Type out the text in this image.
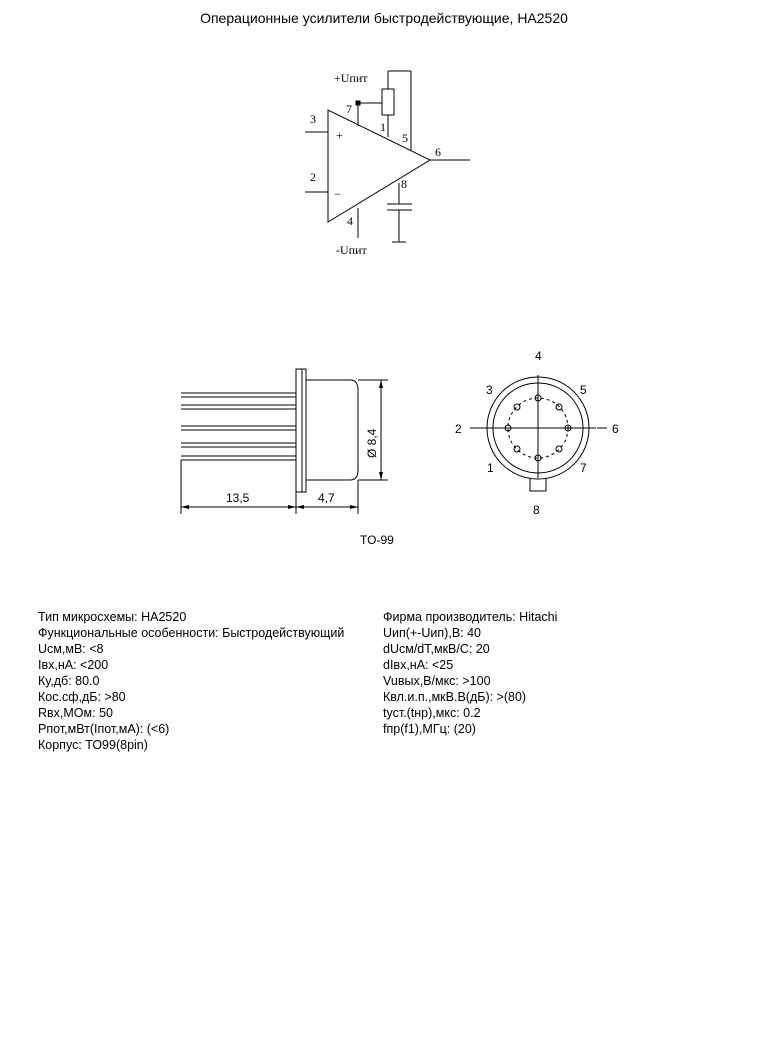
Операционные усилители быстродействующие, HA2520
+Uпит
-Uпит
+
−
3
2
7
1
5
6
8
4
13,5	4,7
Ø 8,4
TO-99
4
3	5
2	6
1	7
8
Тип микросхемы: HA2520
Функциональные особенности: Быстродействующий
Uсм,мВ: <8
Iвх,нА: <200
Ку,дб: 80.0
Кос.сф,дБ: >80
Rвх,МОм: 50
Рпот,мВт(Iпот,мА): (<6)
Корпус: ТО99(8pin)
Фирма производитель: Hitachi
Uип(+-Uип),В: 40
dUсм/dT,мкВ/С: 20
dIвх,нА: <25
Vuвых,В/мкс: >100
Квл.и.п.,мкВ.В(дБ): >(80)
tуст.(tнр),мкс: 0.2
fпр(f1),МГц: (20)
